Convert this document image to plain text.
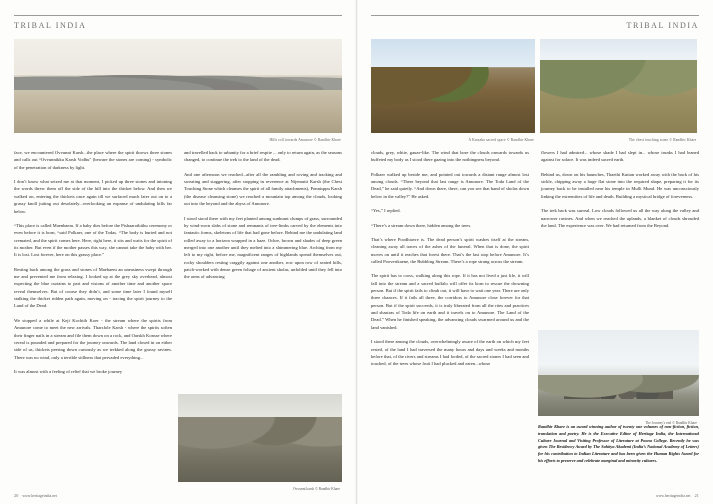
TRIBAL INDIA
Hills roll towards Amunore © Randhir Khare

face, we encountered Ovvunni Karsh...the place where the spirit throws three stones and calls out “Ovvunnikku Karsh Vodhu” (beware the stones are coming) - symbolic of the penetration of darkness by light.

I don’t know what seized me at that moment, I picked up three stones and intoning the words threw them off the side of the hill into the thicket below. And then we walked on, entering the thickets once again till we surfaced much later out on to a grassy knoll jutting out desolately...overlooking an expanse of undulating hills far below.

“This place is called Maenbaem. If a baby dies before the Pishaarothithu ceremony or even before it is born, “said Polkaer, one of the Todas. “The body is buried and not cremated, and the spirit comes here. Here, right here, it sits and waits for the spirit of its mother. But even if the mother passes this way, she cannot take the baby with her. It is lost. Lost forever, here on this grassy place.”

Resting back among the grass and stones of Maebaem an uneasiness swept through me and prevented me from relaxing. I looked up at the grey sky overhead, almost expecting the blue curtains to part and visions of another time and another space reveal themselves. But of course they didn’t, and some time later I found myself stalking the thicket ridden path again, moving on - tracing the spirit journey to the Land of the Dead.

We stopped a while at Keji Kochith Koer - the stream where the spirits from Amunore come to meet the new arrivals. Tharsfole Karsh - where the spirits soften their finger nails in a stream and file them down on a rock, and Oarskh Konsse where cereal is pounded and prepared for the journey onwards. The land closed in on either side of us, thickets peering down curiously as we trekked along the grassy ravines. There was no wind, only a terrible stillness that pervaded everything...

It was almost with a feeling of relief that we broke journey

and travelled back to urbanity for a brief respite ... only to return again, as the seasons changed, to continue the trek to the land of the dead.

And one afternoon we reached...after all the rambling and roving and tracking and sweating and staggering, after stopping in reverence at Nijemutti Karsh (the Chest Touching Stone which cleanses the spirit of all family attachments), Ponnisppu Karsh (the disease cleansing stone) we reached a mountain top among the clouds, looking out into the beyond and the abyss of Amunore.

I stood stood there with my feet planted among sunburnt clumps of grass, surrounded by wind-worn slabs of stone and remnants of tree-limbs carved by the elements into fantastic forms, skeletons of life that had gone before. Behind me the undulating land rolled away to a horizon wrapped in a haze. Ochre, brown and shades of deep green merged into one another until they melted into a shimmering blue. Arching from my left to my right, before me, magnificent ranges of highlands spread themselves out, rocky shoulders resting craggily against one another, row upon row of seated hills, patch-worked with dense green foliage of ancient sholas, unfolded until they fell into the arms of advancing

Ovvunni karsh © Randhir Khare
20 www.heritageindia.net
TRIBAL INDIA
A Karsaha sacred space © Randhir Khare	The chest touching stone © Randhir Khare

clouds, grey, white, gauze-like. The wind that bore the clouds onwards towards us buffeted my body as I stood there gazing into the nothingness beyond.

Polkaer walked up beside me, and pointed out towards a distant range almost lost among clouds. “There beyond that last range is Amunore. The Toda Land of the Dead,” he said quietly. “And down there, there, can you see that band of sholas down below in the valley?” He asked.

“Yes,” I replied.

“There’s a stream down there, hidden among the trees.

That’s where Poodhiavre is. The dead person’s spirit washes itself at the stream, cleaning away all traces of the ashes of the funeral. When that is done, the spirit moves on until it reaches that forest there. That’s the last stop before Amunore. It’s called Pooverikaene, the Bubbling Stream. There’s a rope strung across the stream.

The spirit has to cross, walking along this rope. If it has not lived a just life, it will fall into the stream and a sacred buffalo will offer its horn to rescue the drowning person. But if the spirit fails to climb out, it will have to wait one year. There are only three chances. If it fails all three, the corridors to Amunore close forever for that person. But if the spirit succeeds, it is truly liberated from all the rites and practices and shastras of Toda life on earth and it travels on to Amunore. The Land of the Dead.” When he finished speaking, the advancing clouds swarmed around us and the land vanished.

I stood there among the clouds, overwhelmingly aware of the earth on which my feet rested, of the land I had traversed the many hours and days and weeks and months before that, of the rivers and streams I had forded, of the sacred stones I had seen and touched, of the trees whose fruit I had plucked and eaten...whose

flowers I had admired... whose shade I had slept in... whose trunks I had leaned against for solace. It was indeed sacred earth.

Behind us, down on his haunches, Thaethi Kuttan worked away with the back of his sickle, chipping away a large flat stone into the required shape, preparing it for its journey back to be installed near his temple in Mulli Mund. He was unconsciously linking the extremities of life and death. Building a mystical bridge of foreverness.

The trek back was surreal. Low clouds followed us all the way along the valley and narrower ravines. And when we reached the uplands, a blanket of clouds shrouded the land. The experience was over. We had returned from the Beyond.

www.heritageindia.net 21
The Journey's end © Randhir Khare
Randhir Khare is an award winning author of twenty one volumes of non-fiction, fiction, translation and poetry. He is the Executive Editor of Heritage India, the International Culture Journal and Visiting Professor of Literature at Poona College. Recently he was given The Residency Award by The Sahitya Akademi (India’s National Academy of Letters) for his contribution to Indian Literature and has been given the Human Rights Award for his efforts to preserve and celebrate marginal and minority cultures.
